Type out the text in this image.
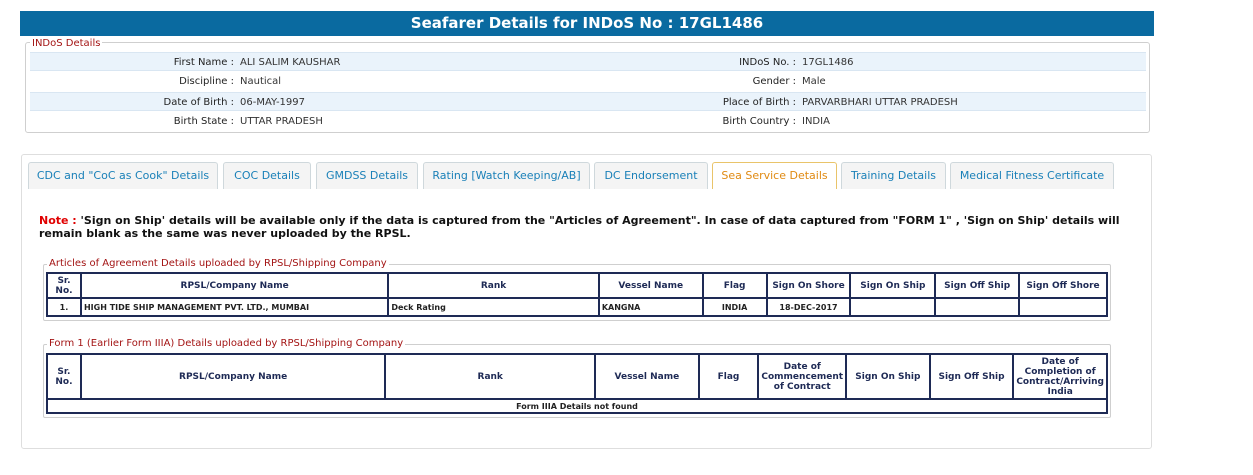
Seafarer Details for INDoS No : 17GL1486
INDoS Details
First Name : ALI SALIM KAUSHAR	INDoS No. : 17GL1486
Discipline : Nautical	Gender : Male
Date of Birth : 06-MAY-1997	Place of Birth : PARVARBHARI UTTAR PRADESH
Birth State : UTTAR PRADESH	Birth Country : INDIA
CDC and "CoC as Cook" Details	COC Details	GMDSS Details	Rating [Watch Keeping/AB]	DC Endorsement	Sea Service Details	Training Details	Medical Fitness Certificate
Note : 'Sign on Ship' details will be available only if the data is captured from the "Articles of Agreement". In case of data captured from "FORM 1" , 'Sign on Ship' details will remain blank as the same was never uploaded by the RPSL.
Articles of Agreement Details uploaded by RPSL/Shipping Company
Sr. No.	RPSL/Company Name	Rank	Vessel Name	Flag	Sign On Shore	Sign On Ship	Sign Off Ship	Sign Off Shore
1.	HIGH TIDE SHIP MANAGEMENT PVT. LTD., MUMBAI	Deck Rating	KANGNA	INDIA	18-DEC-2017			
Form 1 (Earlier Form IIIA) Details uploaded by RPSL/Shipping Company
Sr. No.	RPSL/Company Name	Rank	Vessel Name	Flag	Date of Commencement of Contract	Sign On Ship	Sign Off Ship	Date of Completion of Contract/Arriving India
Form IIIA Details not found
